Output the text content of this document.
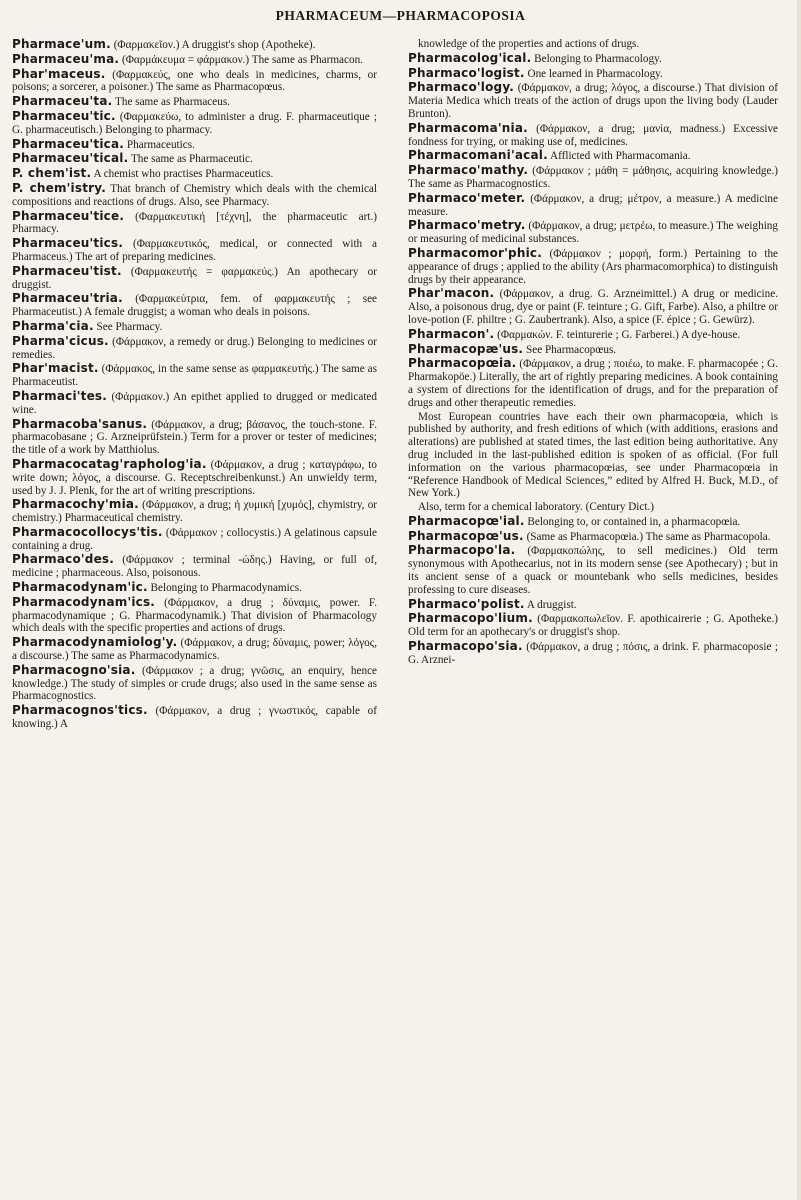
PHARMACEUM—PHARMACOPOSIA

Pharmace'um. (Φαρμακεῖον.) A druggist's shop (Apotheke).

Pharmaceu'ma. (Φαρμάκευμα = φάρμακον.) The same as Pharmacon.

Phar'maceus. (Φαρμακεύς, one who deals in medicines, charms, or poisons; a sorcerer, a poisoner.) The same as Pharmacopœus.

Pharmaceu'ta. The same as Pharmaceus.

Pharmaceu'tic. (Φαρμακεύω, to administer a drug. F. pharmaceutique ; G. pharmaceutisch.) Belonging to pharmacy.

Pharmaceu'tica. Pharmaceutics.

Pharmaceu'tical. The same as Pharmaceutic.

P. chem'ist. A chemist who practises Pharmaceutics.

P. chem'istry. That branch of Chemistry which deals with the chemical compositions and reactions of drugs. Also, see Pharmacy.

Pharmaceu'tice. (Φαρμακευτική [τέχνη], the pharmaceutic art.) Pharmacy.

Pharmaceu'tics. (Φαρμακευτικός, medical, or connected with a Pharmaceus.) The art of preparing medicines.

Pharmaceu'tist. (Φαρμακευτής = φαρμακεύς.) An apothecary or druggist.

Pharmaceu'tria. (Φαρμακεύτρια, fem. of φαρμακευτής ; see Pharmaceutist.) A female druggist; a woman who deals in poisons.

Pharma'cia. See Pharmacy.

Pharma'cicus. (Φάρμακον, a remedy or drug.) Belonging to medicines or remedies.

Phar'macist. (Φάρμακος, in the same sense as φαρμακευτής.) The same as Pharmaceutist.

Pharmaci'tes. (Φάρμακον.) An epithet applied to drugged or medicated wine.

Pharmacoba'sanus. (Φάρμακον, a drug; βάσανος, the touch-stone. F. pharmacobasane ; G. Arzneiprüfstein.) Term for a prover or tester of medicines; the title of a work by Matthiolus.

Pharmacocatag'rapholog'ia. (Φάρμακον, a drug ; καταγράφω, to write down; λόγος, a discourse. G. Receptschreibenkunst.) An unwieldy term, used by J. J. Plenk, for the art of writing prescriptions.

Pharmacochy'mia. (Φάρμακον, a drug; ἡ χυμική [χυμός], chymistry, or chemistry.) Pharmaceutical chemistry.

Pharmacocollocys'tis. (Φάρμακον ; collocystis.) A gelatinous capsule containing a drug.

Pharmaco'des. (Φάρμακον ; terminal -ώδης.) Having, or full of, medicine ; pharmaceous. Also, poisonous.

Pharmacodynam'ic. Belonging to Pharmacodynamics.

Pharmacodynam'ics. (Φάρμακον, a drug ; δύναμις, power. F. pharmacodynamique ; G. Pharmacodynamik.) That division of Pharmacology which deals with the specific properties and actions of drugs.

Pharmacodynamiolog'y. (Φάρμακον, a drug; δύναμις, power; λόγος, a discourse.) The same as Pharmacodynamics.

Pharmacogno'sia. (Φάρμακον ; a drug; γνῶσις, an enquiry, hence knowledge.) The study of simples or crude drugs; also used in the same sense as Pharmacognostics.

Pharmacognos'tics. (Φάρμακον, a drug ; γνωστικός, capable of knowing.) A

knowledge of the properties and actions of drugs.

Pharmacolog'ical. Belonging to Pharmacology.

Pharmaco'logist. One learned in Pharmacology.

Pharmaco'logy. (Φάρμακον, a drug; λόγος, a discourse.) That division of Materia Medica which treats of the action of drugs upon the living body (Lauder Brunton).

Pharmacoma'nia. (Φάρμακον, a drug; μανία, madness.) Excessive fondness for trying, or making use of, medicines.

Pharmacomani'acal. Afflicted with Pharmacomania.

Pharmaco'mathy. (Φάρμακον ; μάθη = μάθησις, acquiring knowledge.) The same as Pharmacognostics.

Pharmaco'meter. (Φάρμακον, a drug; μέτρον, a measure.) A medicine measure.

Pharmaco'metry. (Φάρμακον, a drug; μετρέω, to measure.) The weighing or measuring of medicinal substances.

Pharmacomor'phic. (Φάρμακον ; μορφή, form.) Pertaining to the appearance of drugs ; applied to the ability (Ars pharmacomorphica) to distinguish drugs by their appearance.

Phar'macon. (Φάρμακον, a drug. G. Arzneimittel.) A drug or medicine. Also, a poisonous drug, dye or paint (F. teinture ; G. Gift, Farbe). Also, a philtre or love-potion (F. philtre ; G. Zaubertrank). Also, a spice (F. épice ; G. Gewürz).

Pharmacon'. (Φαρμακών. F. teinturerie ; G. Farberei.) A dye-house.

Pharmacopæ'us. See Pharmacopœus.

Pharmacopœia. (Φάρμακον, a drug ; ποιέω, to make. F. pharmacopée ; G. Pharmakopöe.) Literally, the art of rightly preparing medicines. A book containing a system of directions for the identification of drugs, and for the preparation of drugs and other therapeutic remedies.

Most European countries have each their own pharmacopœia, which is published by authority, and fresh editions of which (with additions, erasions and alterations) are published at stated times, the last edition being authoritative. Any drug included in the last-published edition is spoken of as official. (For full information on the various pharmacopœias, see under Pharmacopœia in “Reference Handbook of Medical Sciences,” edited by Alfred H. Buck, M.D., of New York.)

Also, term for a chemical laboratory. (Century Dict.)

Pharmacopœ'ial. Belonging to, or contained in, a pharmacopœia.

Pharmacopœ'us. (Same as Pharmacopœia.) The same as Pharmacopola.

Pharmacopo'la. (Φαρμακοπώλης, to sell medicines.) Old term synonymous with Apothecarius, not in its modern sense (see Apothecary) ; but in its ancient sense of a quack or mountebank who sells medicines, besides professing to cure diseases.

Pharmaco'polist. A druggist.

Pharmacopo'lium. (Φαρμακοπωλεῖον. F. apothicairerie ; G. Apotheke.) Old term for an apothecary's or druggist's shop.

Pharmacopo'sia. (Φάρμακον, a drug ; πόσις, a drink. F. pharmacoposie ; G. Arznei-
